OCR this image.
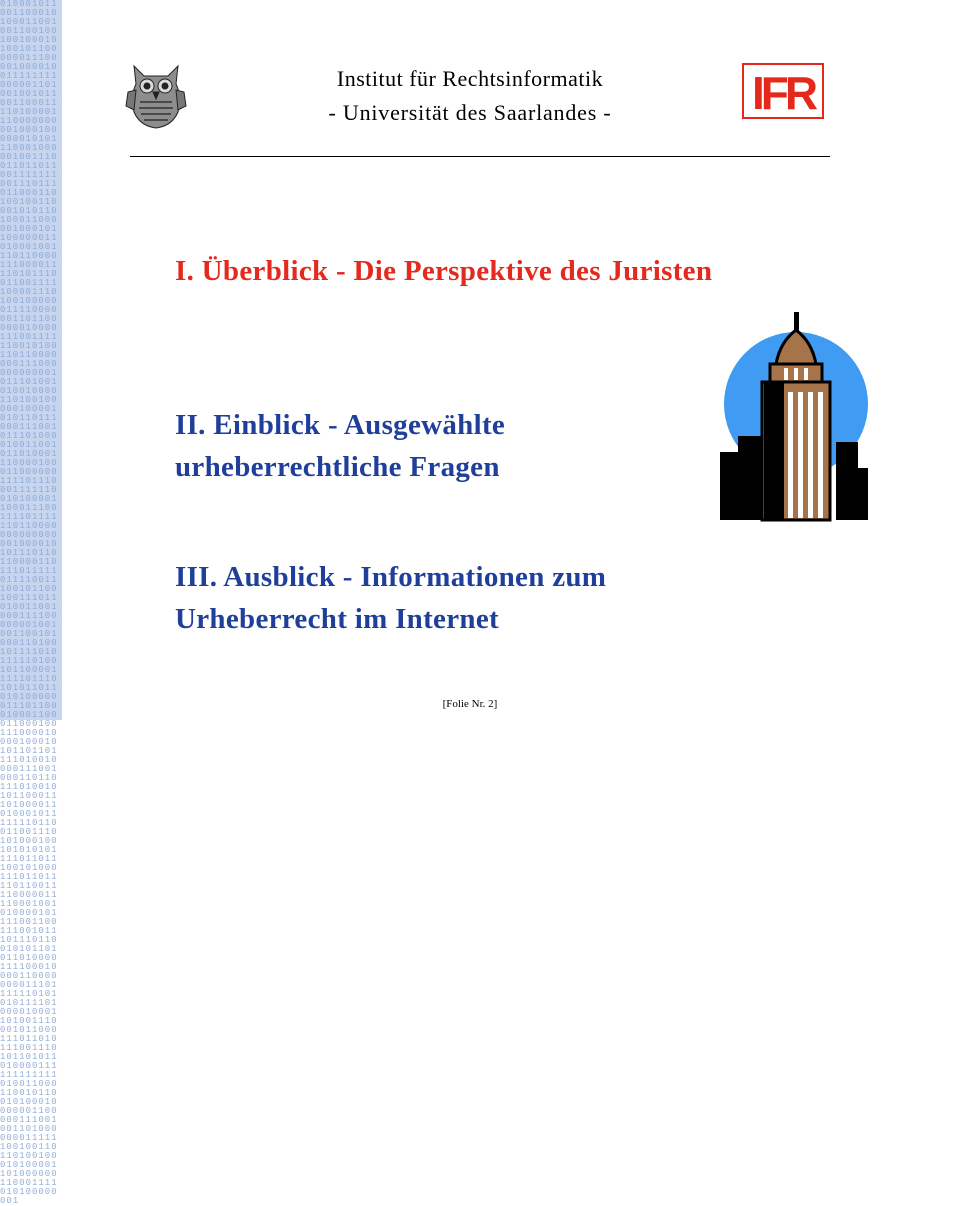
010001011001100010100011001001100100100100010100101100000011100001000010011111111000001101001001011001100011110100001110000000001000100000010101110001000001001110011011011001111111001110111011000110100100110001010110100011000001000101100000011010001001110110000111000011110101110011001111100001110100100000011110000001101100000010000111001111110010100110110000000111000000000001011101001010010000110100100000100001010110111000111001011101000010011001011010001110000100011000000111101110001111110010100001100011100111101111110110000000000000001000010101110110110000110111011111011110011100101100100111011010011001000111100000001001001100101000110100101111010111110100101100001111101110101011011010100000011101100010001100011000100111000010000100010101101101111010010000111001000110110111010010101100011101000011010001011111110110011001110101000100101010101111011011100101000111011011110110011110000011110001001010000101111001100111001011101110110010101101011010000111100010000110000000011101111110101010111101000010001101001110001011000111011010111001110101101011010000111111111111010011000110010110010100010000001100000111001001101000000011111100100110110100100010100001101000000110001111010100000001
Institut für Rechtsinformatik
- Universität des Saarlandes -	IFR
I. Überblick - Die Perspektive des Juristen
II. Einblick - Ausgewählte urheberrechtliche Fragen
III. Ausblick - Informationen zum Urheberrecht im Internet
[Folie Nr. 2]
